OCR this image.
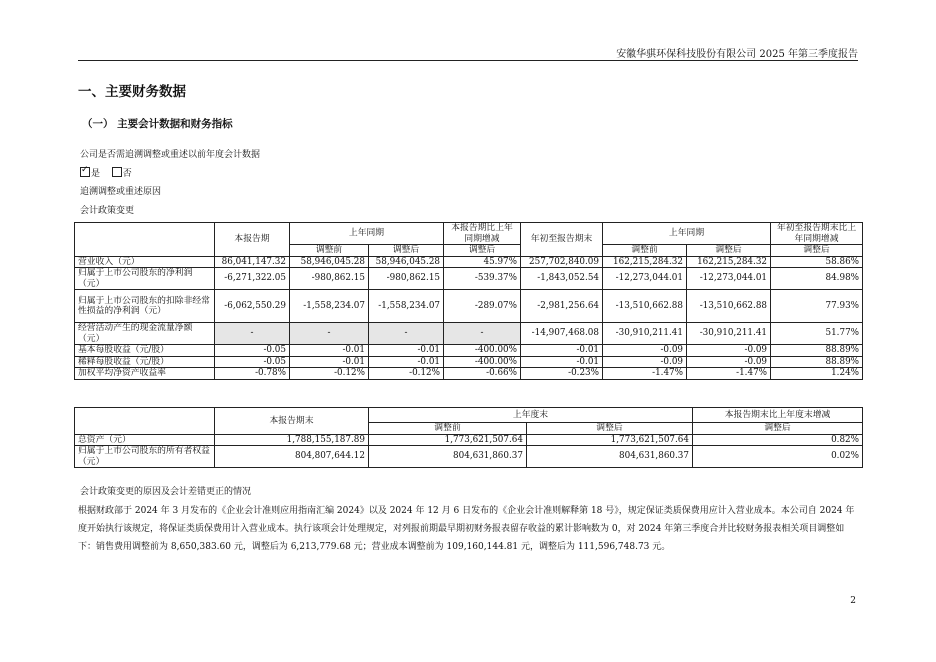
安徽华骐环保科技股份有限公司 2025 年第三季度报告
一、主要财务数据
（一） 主要会计数据和财务指标
公司是否需追溯调整或重述以前年度会计数据
✓是	否
追溯调整或重述原因
会计政策变更
	本报告期	上年同期		本报告期比上年同期增减	年初至报告期末	上年同期		年初至报告期末比上年同期增减
		调整前	调整后	调整后		调整前	调整后	调整后
营业收入（元）	86,041,147.32	58,946,045.28	58,946,045.28	45.97%	257,702,840.09	162,215,284.32	162,215,284.32	58.86%
归属于上市公司股东的净利润（元）	-6,271,322.05	-980,862.15	-980,862.15	-539.37%	-1,843,052.54	-12,273,044.01	-12,273,044.01	84.98%
归属于上市公司股东的扣除非经常性损益的净利润（元）	-6,062,550.29	-1,558,234.07	-1,558,234.07	-289.07%	-2,981,256.64	-13,510,662.88	-13,510,662.88	77.93%
经营活动产生的现金流量净额（元）	-	-	-	-	-14,907,468.08	-30,910,211.41	-30,910,211.41	51.77%
基本每股收益（元/股）	-0.05	-0.01	-0.01	-400.00%	-0.01	-0.09	-0.09	88.89%
稀释每股收益（元/股）	-0.05	-0.01	-0.01	-400.00%	-0.01	-0.09	-0.09	88.89%
加权平均净资产收益率	-0.78%	-0.12%	-0.12%	-0.66%	-0.23%	-1.47%	-1.47%	1.24%
	本报告期末	上年度末		本报告期末比上年度末增减
		调整前	调整后	调整后
总资产（元）	1,788,155,187.89	1,773,621,507.64	1,773,621,507.64	0.82%
归属于上市公司股东的所有者权益（元）	804,807,644.12	804,631,860.37	804,631,860.37	0.02%
会计政策变更的原因及会计差错更正的情况
根据财政部于 2024 年 3 月发布的《企业会计准则应用指南汇编 2024》以及 2024 年 12 月 6 日发布的《企业会计准则解释第 18 号》，规定保证类质保费用应计入营业成本。本公司自 2024 年度开始执行该规定，将保证类质保费用计入营业成本。执行该项会计处理规定，对列报前期最早期初财务报表留存收益的累计影响数为 0，对 2024 年第三季度合并比较财务报表相关项目调整如下：销售费用调整前为 8,650,383.60 元，调整后为 6,213,779.68 元；营业成本调整前为 109,160,144.81 元，调整后为 111,596,748.73 元。
2
